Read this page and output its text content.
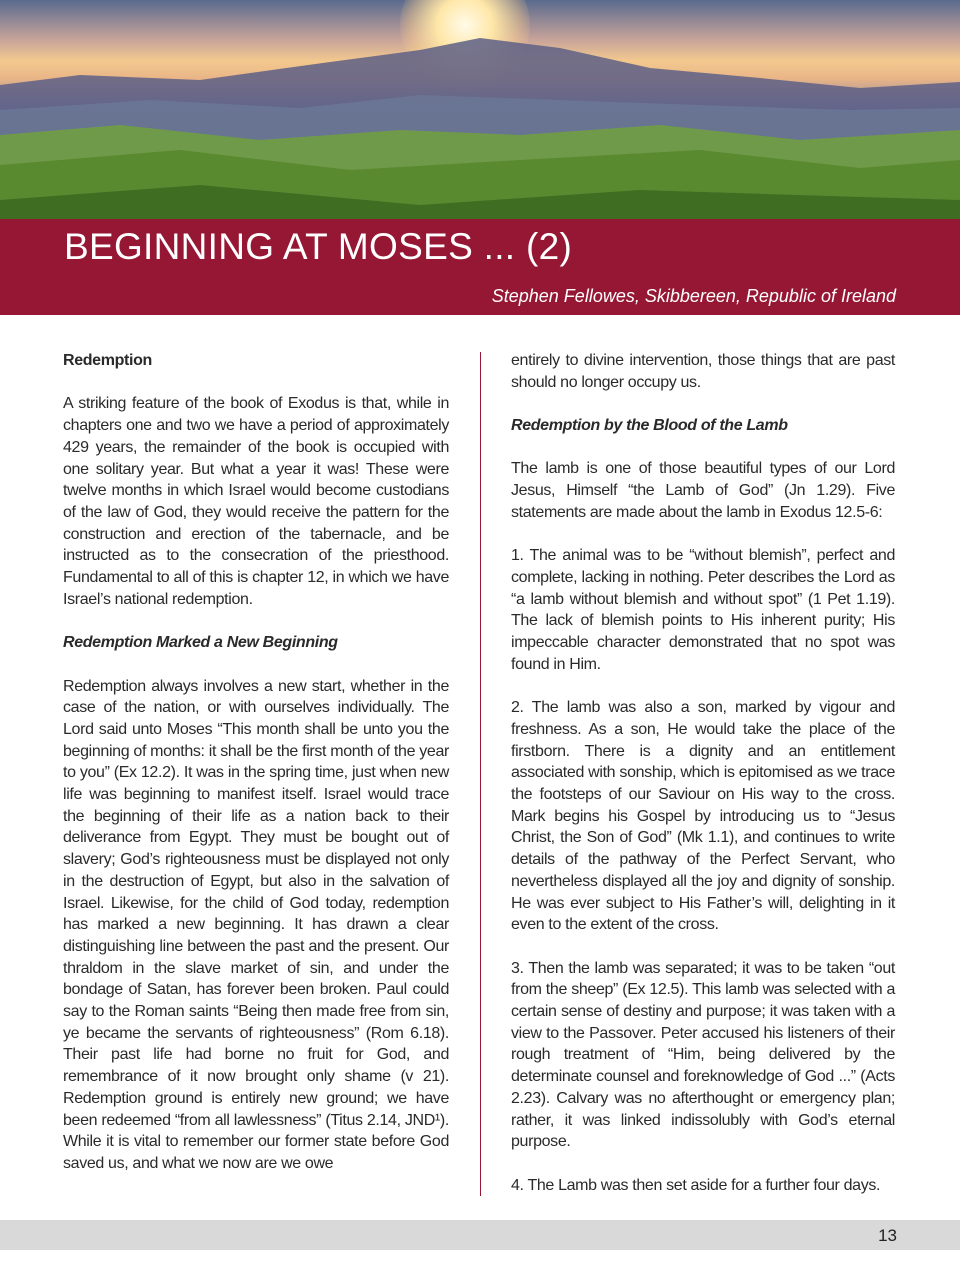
BEGINNING AT MOSES ... (2)
Stephen Fellowes, Skibbereen, Republic of Ireland
Redemption

A striking feature of the book of Exodus is that, while in chapters one and two we have a period of approximately 429 years, the remainder of the book is occupied with one solitary year. But what a year it was! These were twelve months in which Israel would become custodians of the law of God, they would receive the pattern for the construction and erection of the tabernacle, and be instructed as to the consecration of the priesthood. Fundamental to all of this is chapter 12, in which we have Israel’s national redemption.

Redemption Marked a New Beginning

Redemption always involves a new start, whether in the case of the nation, or with ourselves individually. The Lord said unto Moses “This month shall be unto you the beginning of months: it shall be the first month of the year to you” (Ex 12.2). It was in the spring time, just when new life was beginning to manifest itself. Israel would trace the beginning of their life as a nation back to their deliverance from Egypt. They must be bought out of slavery; God’s righteousness must be displayed not only in the destruction of Egypt, but also in the salvation of Israel. Likewise, for the child of God today, redemption has marked a new beginning. It has drawn a clear distinguishing line between the past and the present. Our thraldom in the slave market of sin, and under the bondage of Satan, has forever been broken. Paul could say to the Roman saints “Being then made free from sin, ye became the servants of righteousness” (Rom 6.18). Their past life had borne no fruit for God, and remembrance of it now brought only shame (v 21). Redemption ground is entirely new ground; we have been redeemed “from all lawlessness” (Titus 2.14, JND¹). While it is vital to remember our former state before God saved us, and what we now are we owe

entirely to divine intervention, those things that are past should no longer occupy us.

Redemption by the Blood of the Lamb

The lamb is one of those beautiful types of our Lord Jesus, Himself “the Lamb of God” (Jn 1.29). Five statements are made about the lamb in Exodus 12.5-6:

1. The animal was to be “without blemish”, perfect and complete, lacking in nothing. Peter describes the Lord as “a lamb without blemish and without spot” (1 Pet 1.19). The lack of blemish points to His inherent purity; His impeccable character demonstrated that no spot was found in Him.

2. The lamb was also a son, marked by vigour and freshness. As a son, He would take the place of the firstborn. There is a dignity and an entitlement associated with sonship, which is epitomised as we trace the footsteps of our Saviour on His way to the cross. Mark begins his Gospel by introducing us to “Jesus Christ, the Son of God” (Mk 1.1), and continues to write details of the pathway of the Perfect Servant, who nevertheless displayed all the joy and dignity of sonship. He was ever subject to His Father’s will, delighting in it even to the extent of the cross.

3. Then the lamb was separated; it was to be taken “out from the sheep” (Ex 12.5). This lamb was selected with a certain sense of destiny and purpose; it was taken with a view to the Passover. Peter accused his listeners of their rough treatment of “Him, being delivered by the determinate counsel and foreknowledge of God ...” (Acts 2.23). Calvary was no afterthought or emergency plan; rather, it was linked indissolubly with God’s eternal purpose.

4. The Lamb was then set aside for a further four days.

13
